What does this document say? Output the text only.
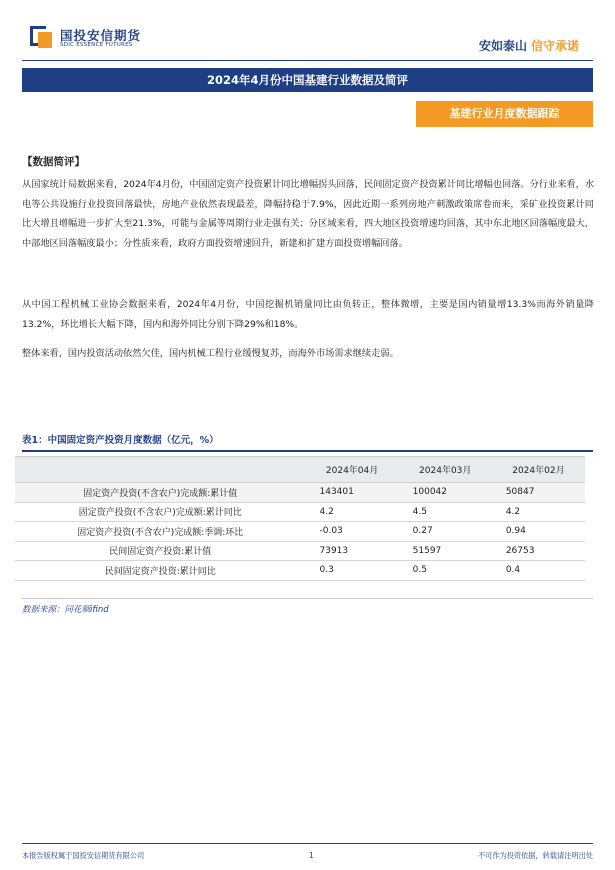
国投安信期货
SDIC ESSENCE FUTURES	安如泰山 信守承诺
2024年4月份中国基建行业数据及简评
基建行业月度数据跟踪
【数据简评】

从国家统计局数据来看，2024年4月份，中国固定资产投资累计同比增幅拐头回落，民间固定资产投资累计同比增幅也回落。分行业来看，水电等公共设施行业投资回落最快，房地产业依然表现最差，降幅持稳于7.9%，因此近期一系列房地产刺激政策席卷而来，采矿业投资累计同比大增且增幅进一步扩大至21.3%，可能与金属等周期行业走强有关；分区域来看，四大地区投资增速均回落，其中东北地区回落幅度最大，中部地区回落幅度最小；分性质来看，政府方面投资增速回升，新建和扩建方面投资增幅回落。

从中国工程机械工业协会数据来看，2024年4月份，中国挖掘机销量同比由负转正，整体微增，主要是国内销量增13.3%而海外销量降13.2%，环比增长大幅下降，国内和海外同比分别下降29%和18%。

整体来看，国内投资活动依然欠佳，国内机械工程行业缓慢复苏，而海外市场需求继续走弱。

表1：中国固定资产投资月度数据（亿元，%）
	2024年04月	2024年03月	2024年02月
固定资产投资(不含农户)完成额:累计值	143401	100042	50847
固定资产投资(不含农户)完成额:累计同比	4.2	4.5	4.2
固定资产投资(不含农户)完成额:季调:环比	-0.03	0.27	0.94
民间固定资产投资:累计值	73913	51597	26753
民间固定资产投资:累计同比	0.3	0.5	0.4
数据来源：同花顺ifind
本报告版权属于国投安信期货有限公司	1	不可作为投资依据，转载请注明出处
